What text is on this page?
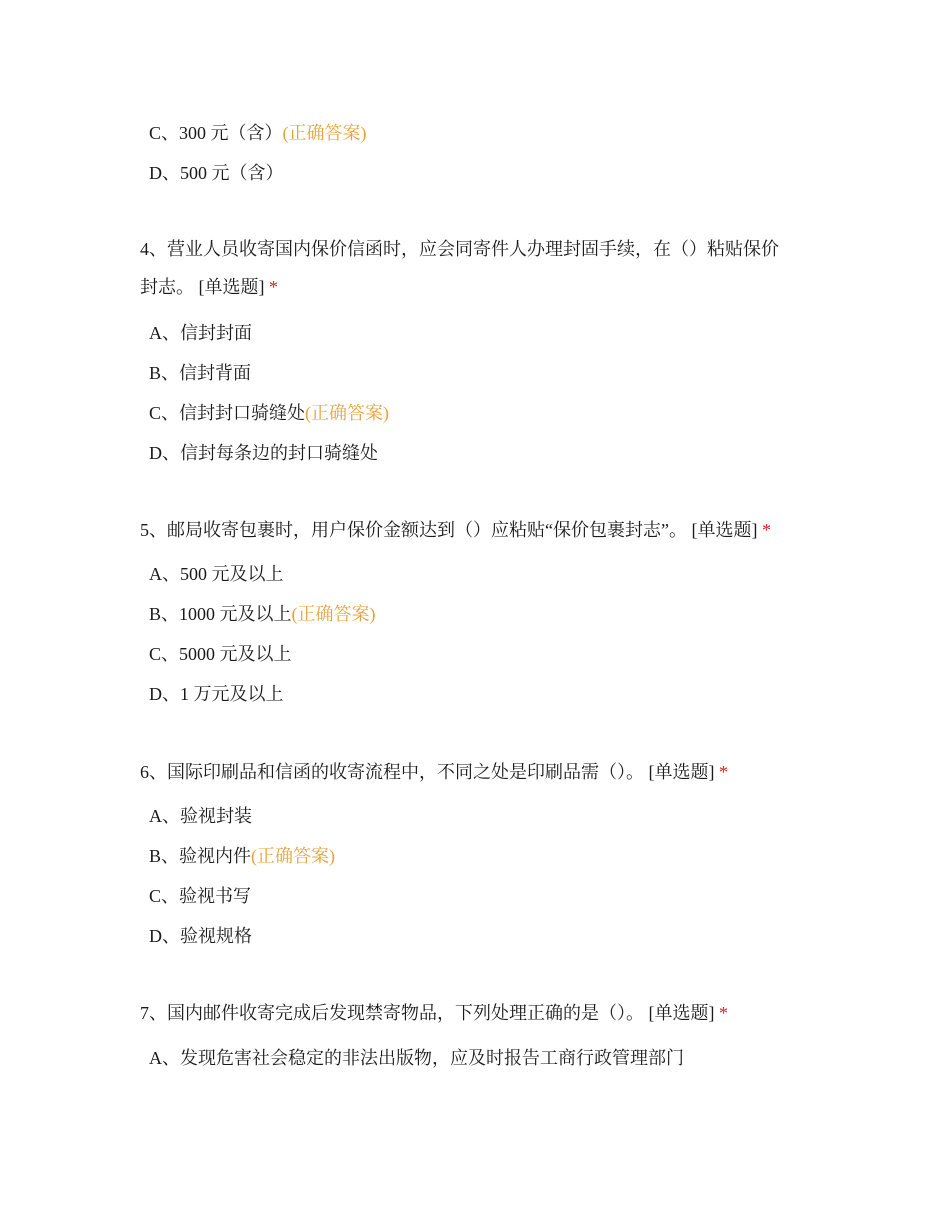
C、300 元（含）(正确答案)
D、500 元（含）
4、营业人员收寄国内保价信函时，应会同寄件人办理封固手续，在（）粘贴保价
封志。 [单选题] *
A、信封封面
B、信封背面
C、信封封口骑缝处(正确答案)
D、信封每条边的封口骑缝处
5、邮局收寄包裹时，用户保价金额达到（）应粘贴“保价包裹封志”。 [单选题] *
A、500 元及以上
B、1000 元及以上(正确答案)
C、5000 元及以上
D、1 万元及以上
6、国际印刷品和信函的收寄流程中，不同之处是印刷品需（）。 [单选题] *
A、验视封装
B、验视内件(正确答案)
C、验视书写
D、验视规格
7、国内邮件收寄完成后发现禁寄物品，下列处理正确的是（）。 [单选题] *
A、发现危害社会稳定的非法出版物，应及时报告工商行政管理部门
